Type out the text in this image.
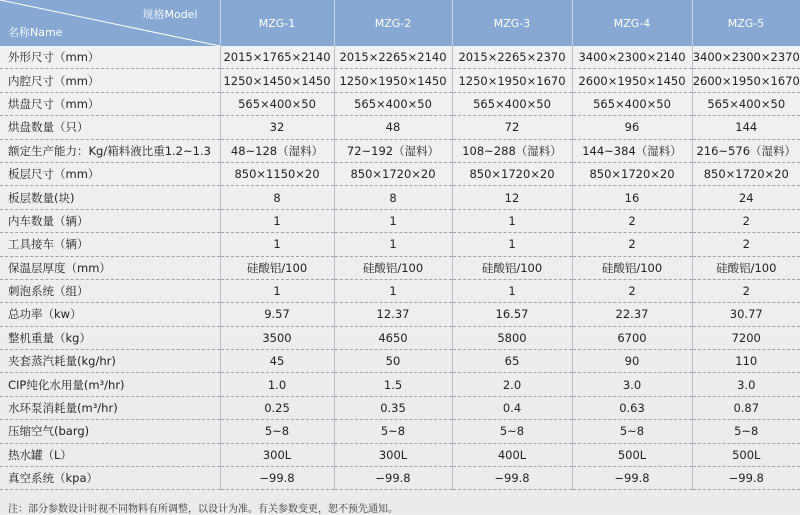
规格Model
名称Name	MZG-1	MZG-2	MZG-3	MZG-4	MZG-5
外形尺寸（mm）	2015×1765×2140	2015×2265×2140	2015×2265×2370	3400×2300×2140	3400×2300×2370
内腔尺寸（mm）	1250×1450×1450	1250×1950×1450	1250×1950×1670	2600×1950×1450	2600×1950×1670
烘盘尺寸（mm）	565×400×50	565×400×50	565×400×50	565×400×50	565×400×50
烘盘数量（只）	32	48	72	96	144
额定生产能力：Kg/箱料液比重1.2~1.3	48~128（湿料）	72~192（湿料）	108~288（湿料）	144~384（湿料）	216~576（湿料）
板层尺寸（mm）	850×1150×20	850×1720×20	850×1720×20	850×1720×20	850×1720×20
板层数量(块)	8	8	12	16	24
内车数量（辆）	1	1	1	2	2
工具接车（辆）	1	1	1	2	2
保温层厚度（mm）	硅酸铝/100	硅酸铝/100	硅酸铝/100	硅酸铝/100	硅酸铝/100
刺泡系统（组）	1	1	1	2	2
总功率（kw）	9.57	12.37	16.57	22.37	30.77
整机重量（kg）	3500	4650	5800	6700	7200
夹套蒸汽耗量(kg/hr)	45	50	65	90	110
CIP纯化水用量(m³/hr)	1.0	1.5	2.0	3.0	3.0
水环泵消耗量(m³/hr)	0.25	0.35	0.4	0.63	0.87
压缩空气(barg)	5~8	5~8	5~8	5~8	5~8
热水罐（L）	300L	300L	400L	500L	500L
真空系统（kpa）	−99.8	−99.8	−99.8	−99.8	−99.8
注：部分参数设计时视不同物料有所调整，以设计为准。有关参数变更，恕不预先通知。
